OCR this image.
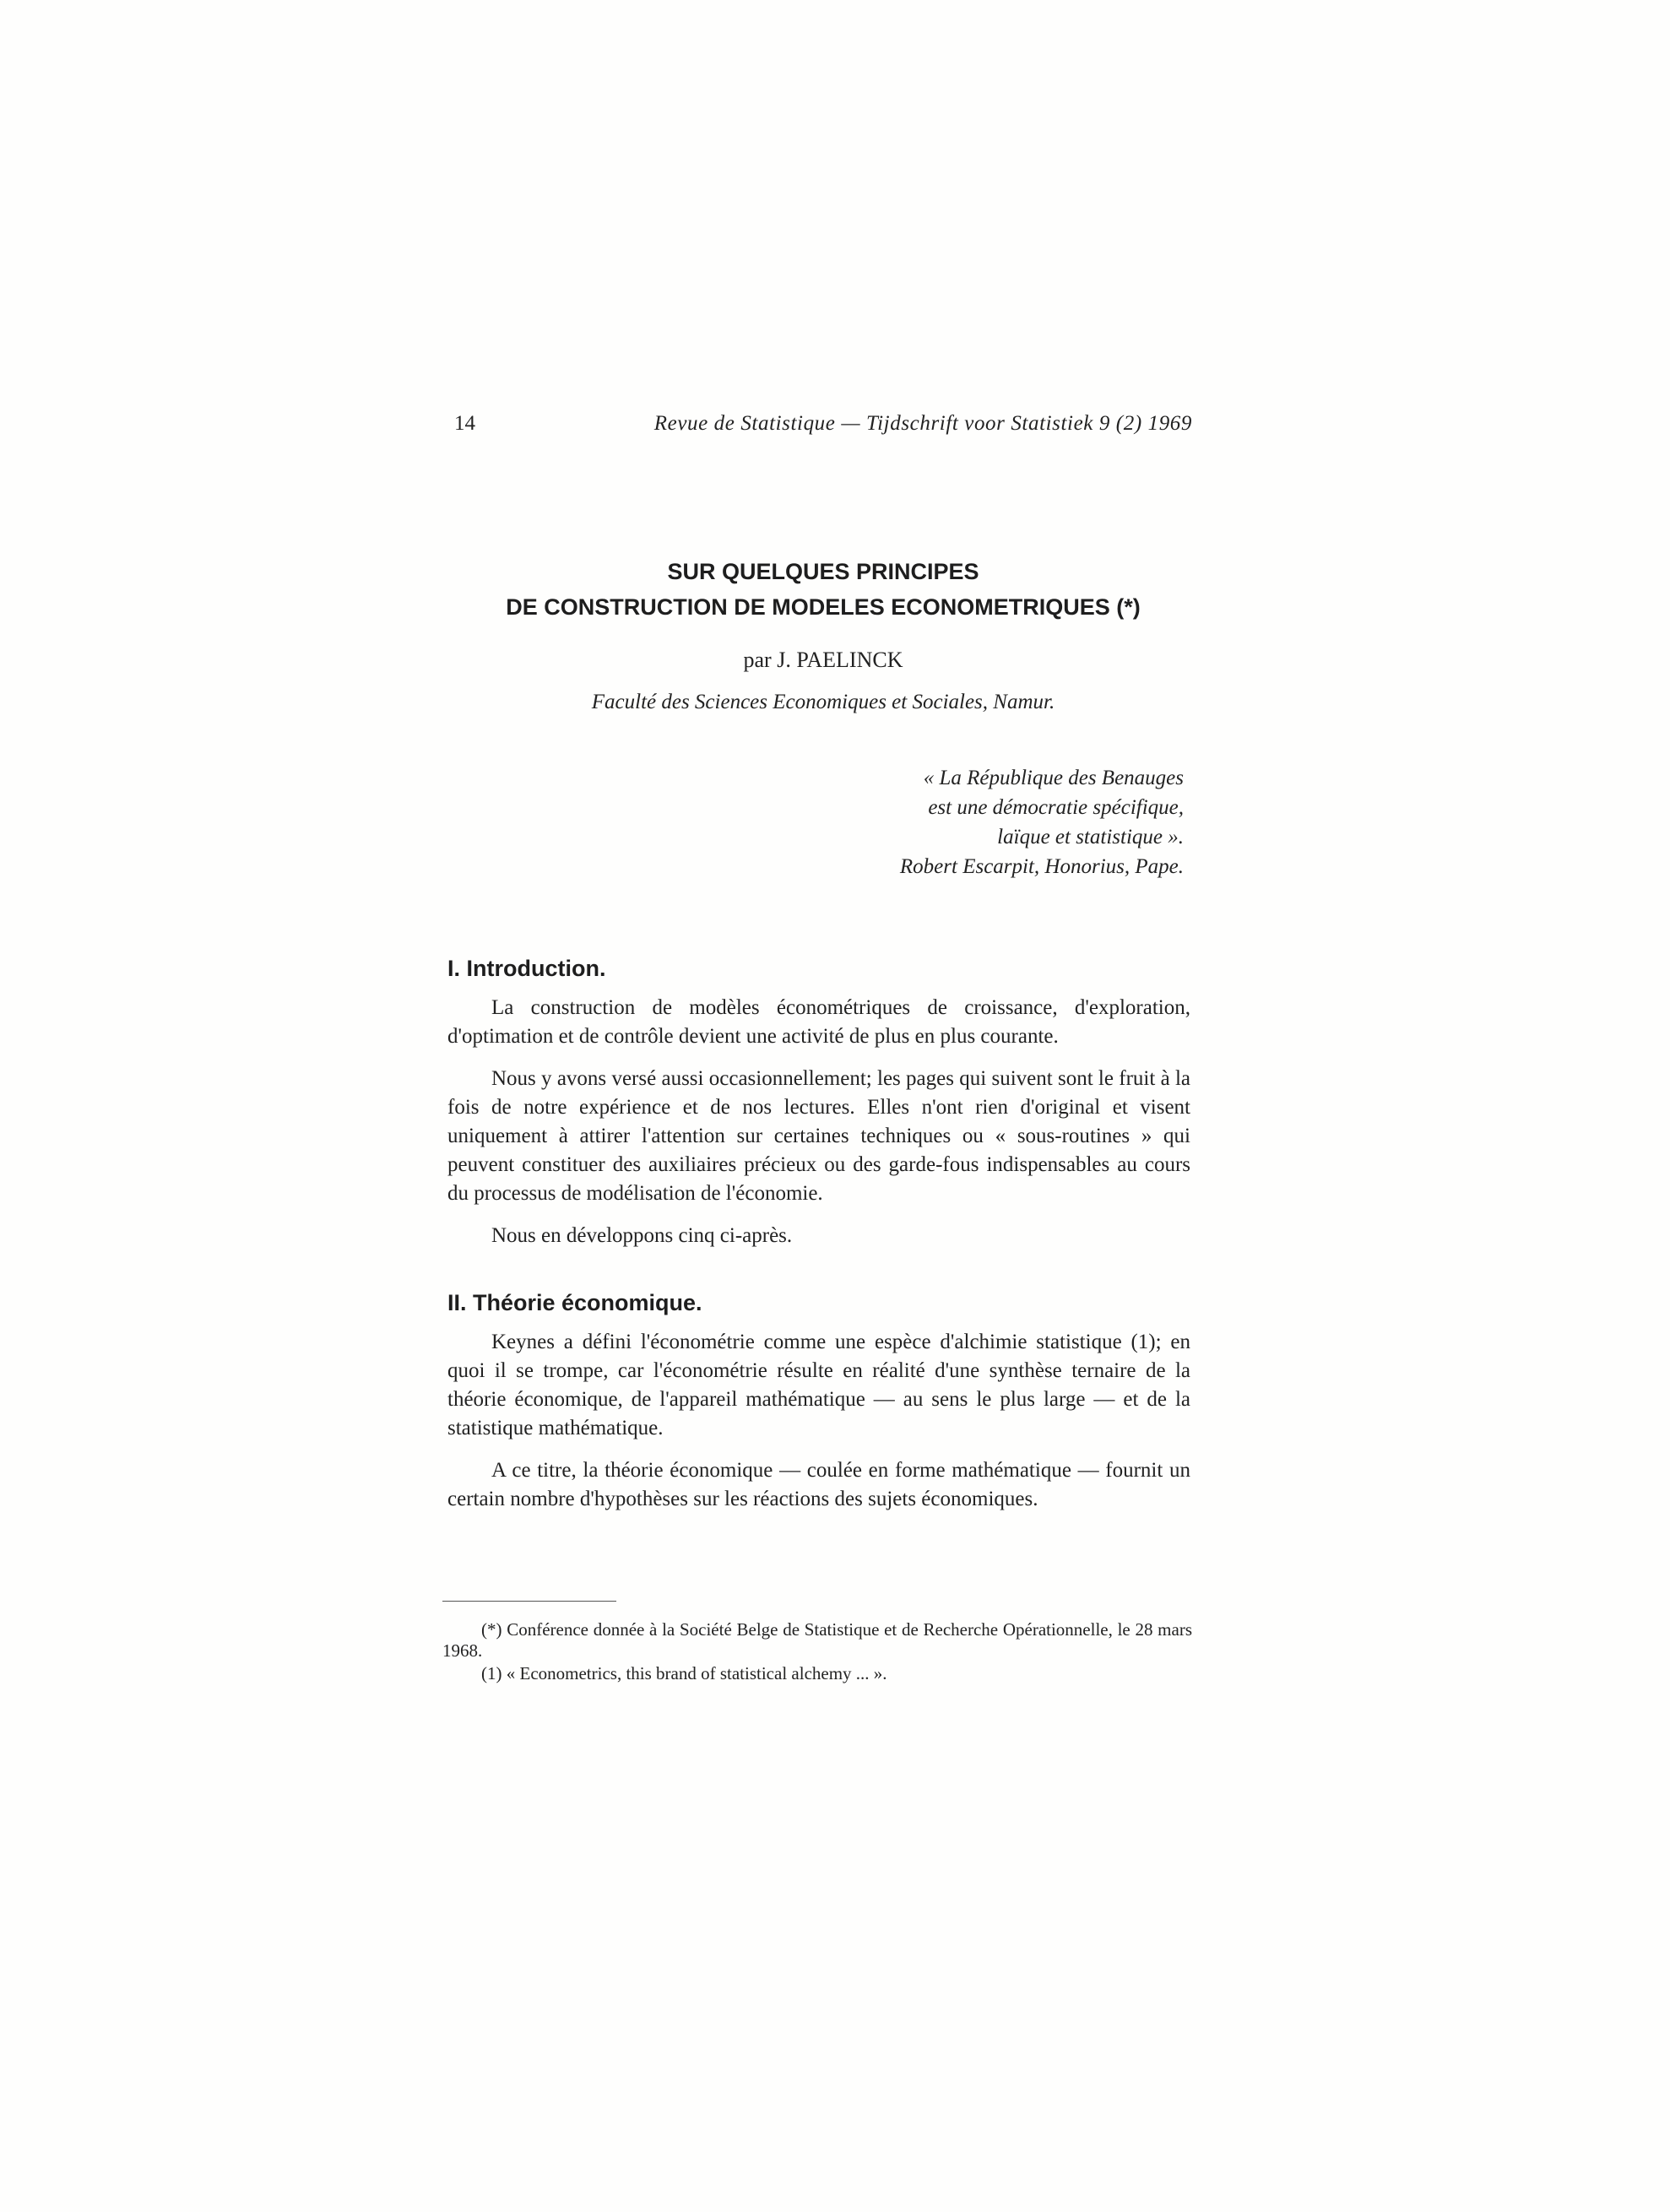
14	Revue de Statistique — Tijdschrift voor Statistiek 9 (2) 1969
SUR QUELQUES PRINCIPES
DE CONSTRUCTION DE MODELES ECONOMETRIQUES (*)
par J. PAELINCK
Faculté des Sciences Economiques et Sociales, Namur.
« La République des Benauges
est une démocratie spécifique,
laïque et statistique ».
Robert Escarpit, Honorius, Pape.
I. Introduction.

La construction de modèles économétriques de croissance, d'exploration, d'optimation et de contrôle devient une activité de plus en plus courante.

Nous y avons versé aussi occasionnellement; les pages qui suivent sont le fruit à la fois de notre expérience et de nos lectures. Elles n'ont rien d'original et visent uniquement à attirer l'attention sur certaines techniques ou « sous-routines » qui peuvent constituer des auxiliaires précieux ou des garde-fous indispensables au cours du processus de modélisation de l'économie.

Nous en développons cinq ci-après.

II. Théorie économique.

Keynes a défini l'économétrie comme une espèce d'alchimie statistique (1); en quoi il se trompe, car l'économétrie résulte en réalité d'une synthèse ternaire de la théorie économique, de l'appareil mathématique — au sens le plus large — et de la statistique mathématique.

A ce titre, la théorie économique — coulée en forme mathématique — fournit un certain nombre d'hypothèses sur les réactions des sujets économiques.

(*) Conférence donnée à la Société Belge de Statistique et de Recherche Opérationnelle, le 28 mars 1968.

(1) « Econometrics, this brand of statistical alchemy ... ».
